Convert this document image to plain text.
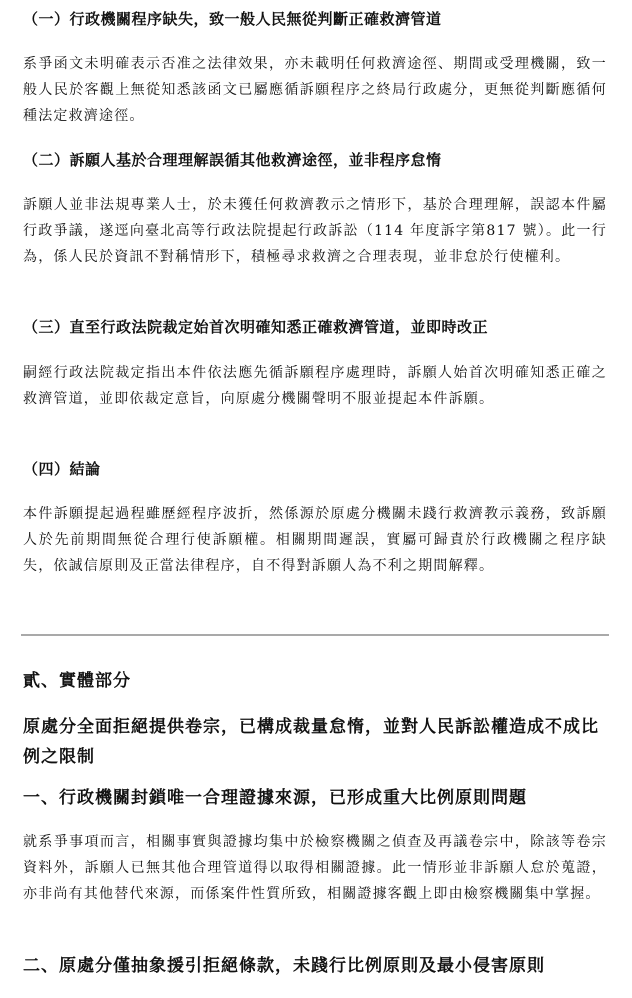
（一）行政機關程序缺失，致一般人民無從判斷正確救濟管道

系爭函文未明確表示否准之法律效果，亦未載明任何救濟途徑、期間或受理機關，致一般人民於客觀上無從知悉該函文已屬應循訴願程序之終局行政處分，更無從判斷應循何種法定救濟途徑。

（二）訴願人基於合理理解誤循其他救濟途徑，並非程序怠惰

訴願人並非法規專業人士，於未獲任何救濟教示之情形下，基於合理理解，誤認本件屬行政爭議，遂逕向臺北高等行政法院提起行政訴訟（114 年度訴字第817 號）。此一行為，係人民於資訊不對稱情形下，積極尋求救濟之合理表現，並非怠於行使權利。

（三）直至行政法院裁定始首次明確知悉正確救濟管道，並即時改正

嗣經行政法院裁定指出本件依法應先循訴願程序處理時，訴願人始首次明確知悉正確之救濟管道，並即依裁定意旨，向原處分機關聲明不服並提起本件訴願。

（四）結論

本件訴願提起過程雖歷經程序波折，然係源於原處分機關未踐行救濟教示義務，致訴願人於先前期間無從合理行使訴願權。相關期間遲誤，實屬可歸責於行政機關之程序缺失，依誠信原則及正當法律程序，自不得對訴願人為不利之期間解釋。

貳、實體部分
原處分全面拒絕提供卷宗，已構成裁量怠惰，並對人民訴訟權造成不成比例之限制
一、行政機關封鎖唯一合理證據來源，已形成重大比例原則問題

就系爭事項而言，相關事實與證據均集中於檢察機關之偵查及再議卷宗中，除該等卷宗資料外，訴願人已無其他合理管道得以取得相關證據。此一情形並非訴願人怠於蒐證，亦非尚有其他替代來源，而係案件性質所致，相關證據客觀上即由檢察機關集中掌握。

二、原處分僅抽象援引拒絕條款，未踐行比例原則及最小侵害原則
